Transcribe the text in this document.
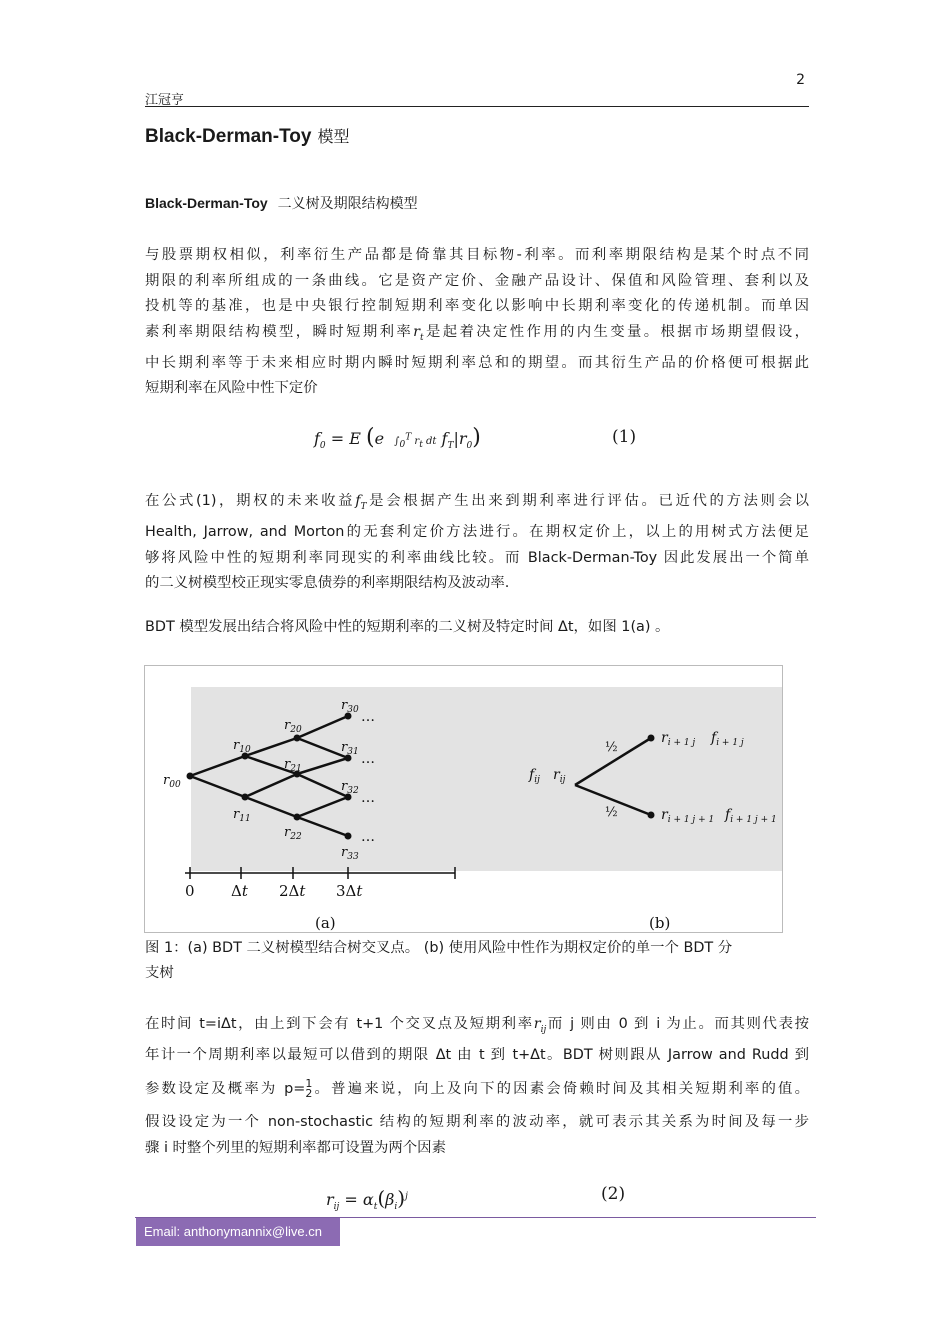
2
江冠亨
Black-Derman-Toy 模型
Black-Derman-Toy 二义树及期限结构模型
与股票期权相似，利率衍生产品都是倚靠其目标物-利率。而利率期限结构是某个时点不同
期限的利率所组成的一条曲线。它是资产定价、金融产品设计、保值和风险管理、套利以及
投机等的基准，也是中央银行控制短期利率变化以影响中长期利率变化的传递机制。而单因
素利率期限结构模型，瞬时短期利率$r_t$是起着决定性作用的内生变量。根据市场期望假设，
中长期利率等于未来相应时期内瞬时短期利率总和的期望。而其衍生产品的价格便可根据此
短期利率在风险中性下定价
$f_0 = E$ (e $\int_0^T$ $r_t$ dt $f_T|r_0$)	(1)
在公式(1)，期权的未来收益$f_T$是会根据产生出来到期利率进行评估。已近代的方法则会以
Health, Jarrow, and Morton的无套利定价方法进行。在期权定价上，以上的用树式方法便足
够将风险中性的短期利率同现实的利率曲线比较。而 Black-Derman-Toy 因此发展出一个简单
的二义树模型校正现实零息债券的利率期限结构及波动率.
BDT 模型发展出结合将风险中性的短期利率的二义树及特定时间 Δt，如图 1(a) 。
$r_{00}$
$r_{10}$
$r_{11}$
$r_{20}$
$r_{21}$
$r_{22}$
$r_{30}$
$r_{31}$
$r_{32}$
$r_{33}$
…
…
…
…
0 Δt 2Δt 3Δt
(a)
$f_{ij}$ $r_{ij}$
$r_{i + 1 j}$ $f_{i + 1 j}$
$r_{i + 1 j + 1}$ $f_{i + 1 j + 1}$
½
½
(b)
图 1：(a) BDT 二义树模型结合树交叉点。 (b) 使用风险中性作为期权定价的单一个 BDT 分
支树
在时间 t=iΔt，由上到下会有 t+1 个交叉点及短期利率$r_{ij}$而 j 则由 0 到 i 为止。而其则代表按
年计一个周期利率以最短可以借到的期限 Δt 由 t 到 t+Δt。BDT 树则跟从 Jarrow and Rudd 到
参数设定及概率为 p=1
2。普遍来说，向上及向下的因素会倚赖时间及其相关短期利率的值。
假设设定为一个 non-stochastic 结构的短期利率的波动率，就可表示其关系为时间及每一步
骤 i 时整个列里的短期利率都可设置为两个因素
$r_{ij} = \alpha_t(\beta_i)^j$	(2)
Email: anthonymannix@live.cn
